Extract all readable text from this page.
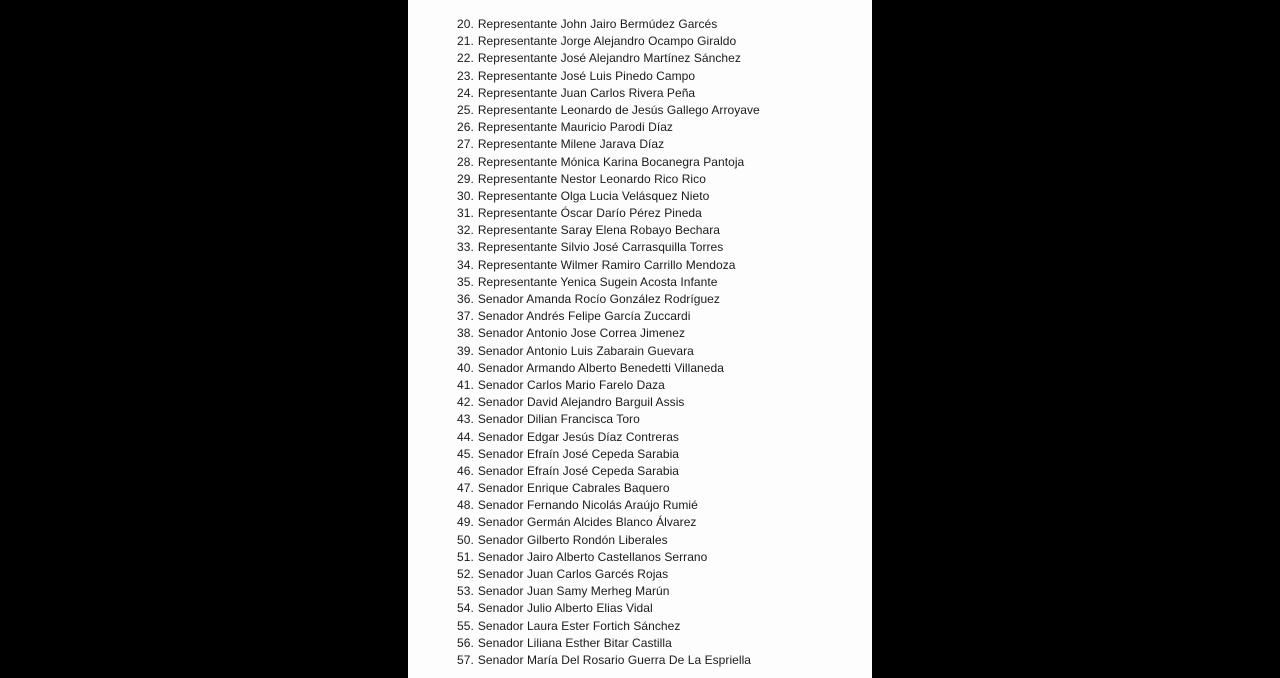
20. Representante John Jairo Bermúdez Garcés
21. Representante Jorge Alejandro Ocampo Giraldo
22. Representante José Alejandro Martínez Sánchez
23. Representante José Luis Pinedo Campo
24. Representante Juan Carlos Rivera Peña
25. Representante Leonardo de Jesús Gallego Arroyave
26. Representante Mauricio Parodi Díaz
27. Representante Milene Jarava Díaz
28. Representante Mónica Karina Bocanegra Pantoja
29. Representante Nestor Leonardo Rico Rico
30. Representante Olga Lucia Velásquez Nieto
31. Representante Óscar Darío Pérez Pineda
32. Representante Saray Elena Robayo Bechara
33. Representante Silvio José Carrasquilla Torres
34. Representante Wilmer Ramiro Carrillo Mendoza
35. Representante Yenica Sugein Acosta Infante
36. Senador Amanda Rocío González Rodríguez
37. Senador Andrés Felipe García Zuccardi
38. Senador Antonio Jose Correa Jimenez
39. Senador Antonio Luis Zabarain Guevara
40. Senador Armando Alberto Benedetti Villaneda
41. Senador Carlos Mario Farelo Daza
42. Senador David Alejandro Barguil Assis
43. Senador Dilian Francisca Toro
44. Senador Edgar Jesús Díaz Contreras
45. Senador Efraín José Cepeda Sarabia
46. Senador Efraín José Cepeda Sarabia
47. Senador Enrique Cabrales Baquero
48. Senador Fernando Nicolás Araújo Rumié
49. Senador Germán Alcides Blanco Álvarez
50. Senador Gilberto Rondón Liberales
51. Senador Jairo Alberto Castellanos Serrano
52. Senador Juan Carlos Garcés Rojas
53. Senador Juan Samy Merheg Marún
54. Senador Julio Alberto Elias Vidal
55. Senador Laura Ester Fortich Sánchez
56. Senador Liliana Esther Bitar Castilla
57. Senador María Del Rosario Guerra De La Espriella
